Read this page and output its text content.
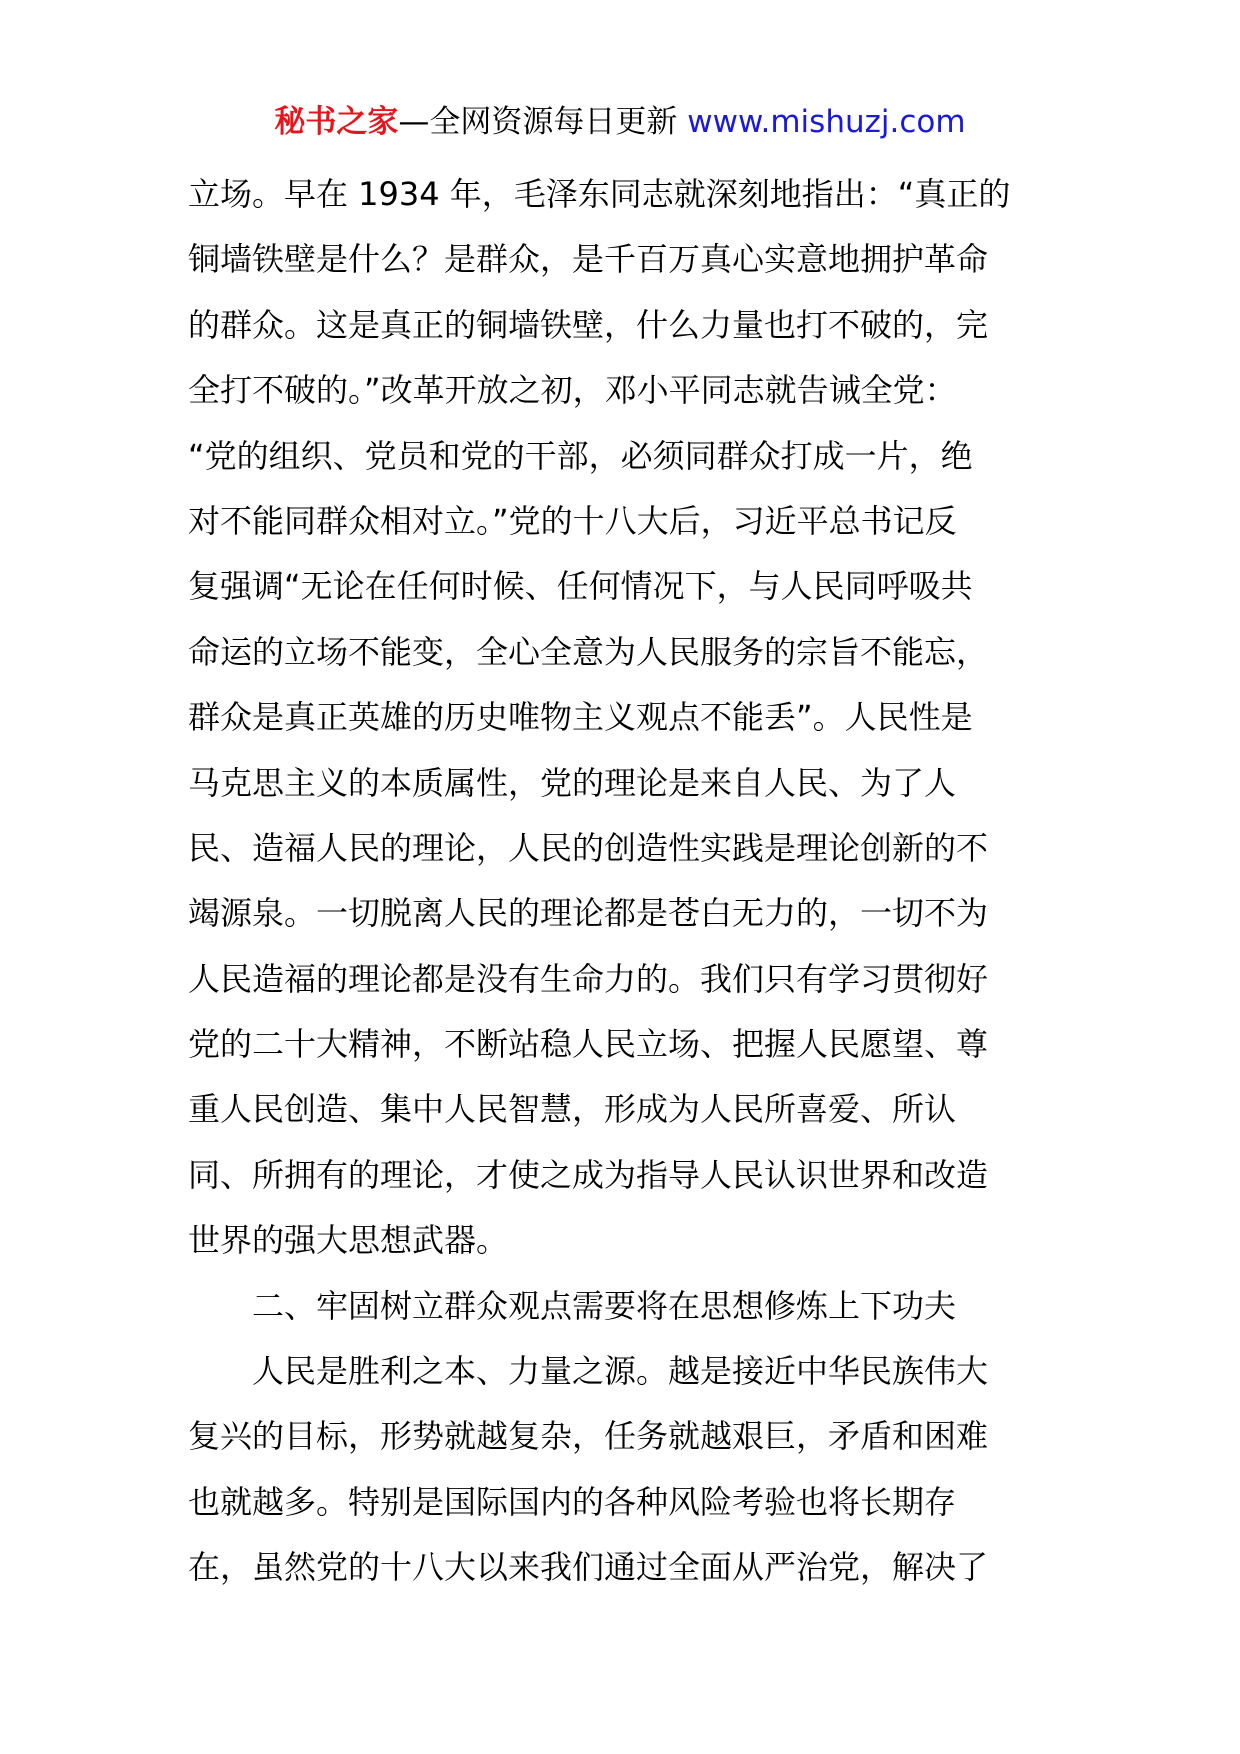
秘书之家—全网资源每日更新 www.mishuzj.com
立场。早在 1934 年，毛泽东同志就深刻地指出：“真正的
铜墙铁壁是什么？是群众，是千百万真心实意地拥护革命
的群众。这是真正的铜墙铁壁，什么力量也打不破的，完
全打不破的。”改革开放之初，邓小平同志就告诫全党：
“党的组织、党员和党的干部，必须同群众打成一片，绝
对不能同群众相对立。”党的十八大后，习近平总书记反
复强调“无论在任何时候、任何情况下，与人民同呼吸共
命运的立场不能变，全心全意为人民服务的宗旨不能忘，
群众是真正英雄的历史唯物主义观点不能丢”。人民性是
马克思主义的本质属性，党的理论是来自人民、为了人
民、造福人民的理论，人民的创造性实践是理论创新的不
竭源泉。一切脱离人民的理论都是苍白无力的，一切不为
人民造福的理论都是没有生命力的。我们只有学习贯彻好
党的二十大精神，不断站稳人民立场、把握人民愿望、尊
重人民创造、集中人民智慧，形成为人民所喜爱、所认
同、所拥有的理论，才使之成为指导人民认识世界和改造
世界的强大思想武器。
二、牢固树立群众观点需要将在思想修炼上下功夫
人民是胜利之本、力量之源。越是接近中华民族伟大
复兴的目标，形势就越复杂，任务就越艰巨，矛盾和困难
也就越多。特别是国际国内的各种风险考验也将长期存
在，虽然党的十八大以来我们通过全面从严治党，解决了
